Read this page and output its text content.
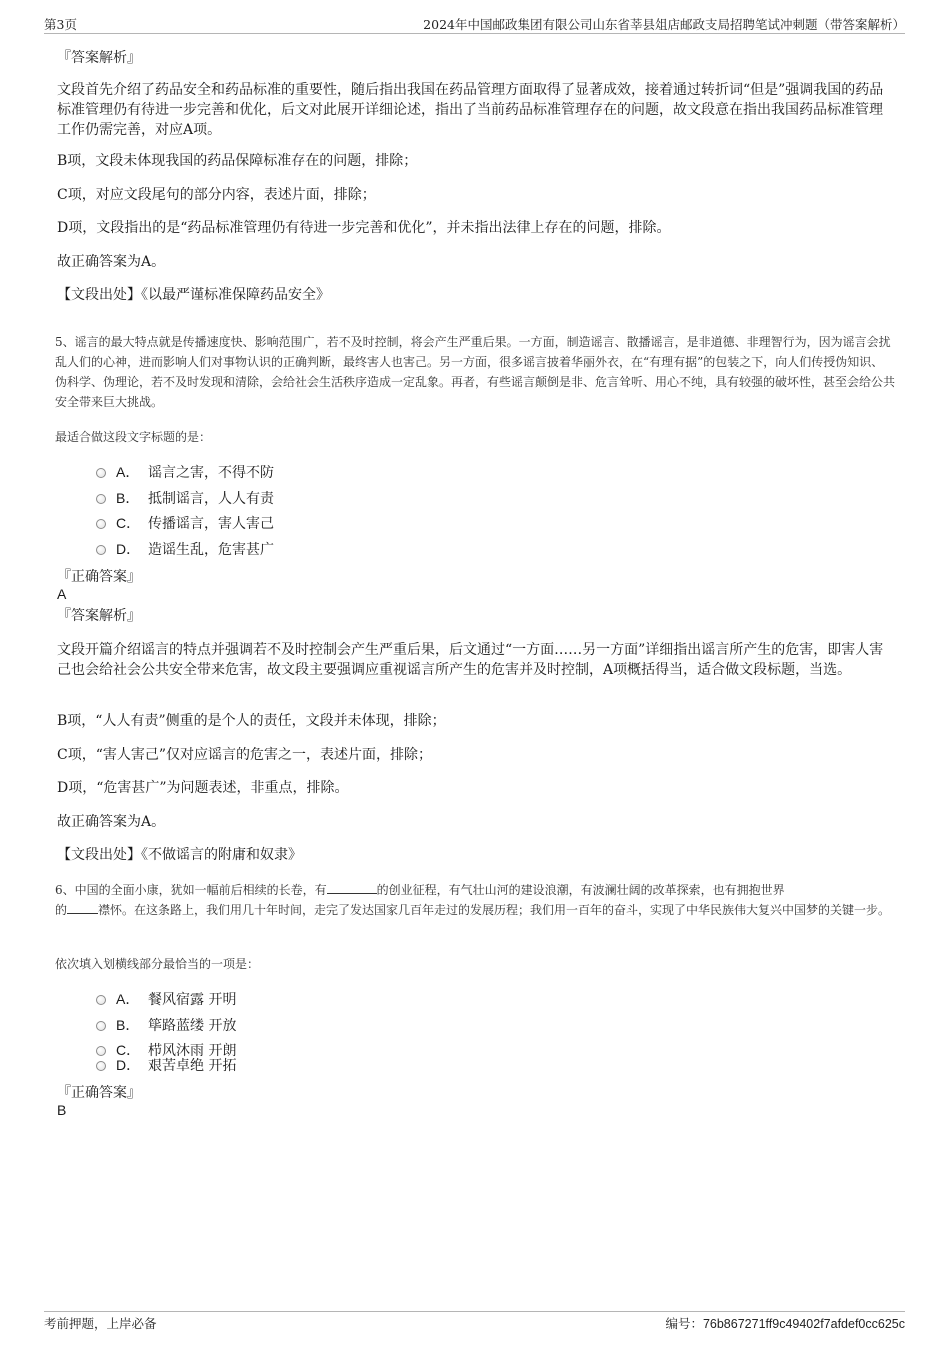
第3页	2024年中国邮政集团有限公司山东省莘县俎店邮政支局招聘笔试冲刺题（带答案解析）
『答案解析』
文段首先介绍了药品安全和药品标准的重要性，随后指出我国在药品管理方面取得了显著成效，接着通过转折词“但是”强调我国的药品标准管理仍有待进一步完善和优化，后文对此展开详细论述，指出了当前药品标准管理存在的问题，故文段意在指出我国药品标准管理工作仍需完善，对应A项。
B项，文段未体现我国的药品保障标准存在的问题，排除；
C项，对应文段尾句的部分内容，表述片面，排除；
D项，文段指出的是“药品标准管理仍有待进一步完善和优化”，并未指出法律上存在的问题，排除。
故正确答案为A。
【文段出处】《以最严谨标准保障药品安全》
5、谣言的最大特点就是传播速度快、影响范围广，若不及时控制，将会产生严重后果。一方面，制造谣言、散播谣言，是非道德、非理智行为，因为谣言会扰乱人们的心神，进而影响人们对事物认识的正确判断，最终害人也害己。另一方面，很多谣言披着华丽外衣，在“有理有据”的包装之下，向人们传授伪知识、伪科学、伪理论，若不及时发现和清除，会给社会生活秩序造成一定乱象。再者，有些谣言颠倒是非、危言耸听、用心不纯，具有较强的破坏性，甚至会给公共安全带来巨大挑战。
最适合做这段文字标题的是：
A． 谣言之害，不得不防
B． 抵制谣言，人人有责
C． 传播谣言，害人害己
D． 造谣生乱，危害甚广
『正确答案』
A
『答案解析』
文段开篇介绍谣言的特点并强调若不及时控制会产生严重后果，后文通过“一方面……另一方面”详细指出谣言所产生的危害，即害人害己也会给社会公共安全带来危害，故文段主要强调应重视谣言所产生的危害并及时控制，A项概括得当，适合做文段标题，当选。
B项，“人人有责”侧重的是个人的责任，文段并未体现，排除；
C项，“害人害己”仅对应谣言的危害之一，表述片面，排除；
D项，“危害甚广”为问题表述，非重点，排除。
故正确答案为A。
【文段出处】《不做谣言的附庸和奴隶》
6、中国的全面小康，犹如一幅前后相续的长卷，有	的创业征程，有气壮山河的建设浪潮，有波澜壮阔的改革探索，也有拥抱世界
的	襟怀。在这条路上，我们用几十年时间，走完了发达国家几百年走过的发展历程；我们用一百年的奋斗，实现了中华民族伟大复兴中国梦的关键一步。
依次填入划横线部分最恰当的一项是：
A． 餐风宿露 开明
B． 筚路蓝缕 开放
C． 栉风沐雨 开朗
D． 艰苦卓绝 开拓
『正确答案』
B
考前押题，上岸必备	编号：76b867271ff9c49402f7afdef0cc625c
